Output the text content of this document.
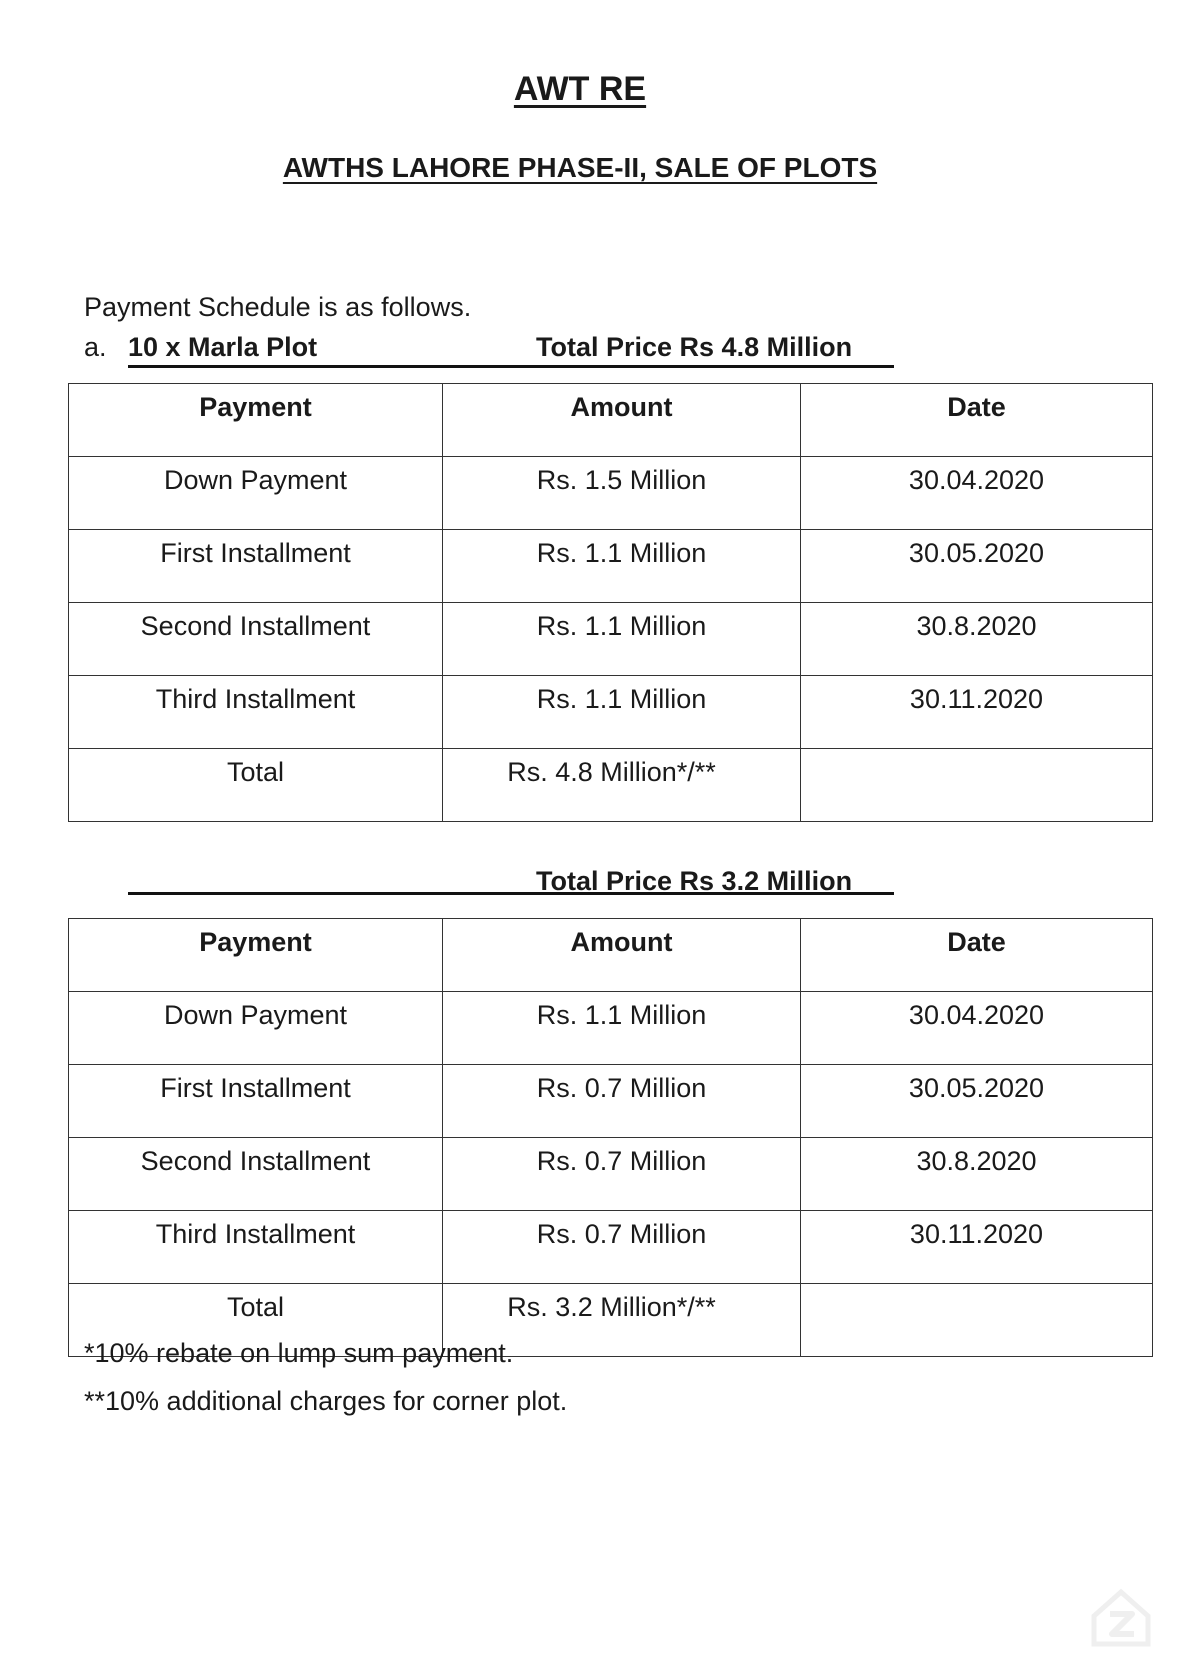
AWT RE
AWTHS LAHORE PHASE-II, SALE OF PLOTS
Payment Schedule is as follows.
a. 10 x Marla Plot	Total Price Rs 4.8 Million
Payment	Amount	Date
Down Payment	Rs. 1.5 Million	30.04.2020
First Installment	Rs. 1.1 Million	30.05.2020
Second Installment	Rs. 1.1 Million	30.8.2020
Third Installment	Rs. 1.1 Million	30.11.2020
Total	Rs. 4.8 Million*/**	
Total Price Rs 3.2 Million
Payment	Amount	Date
Down Payment	Rs. 1.1 Million	30.04.2020
First Installment	Rs. 0.7 Million	30.05.2020
Second Installment	Rs. 0.7 Million	30.8.2020
Third Installment	Rs. 0.7 Million	30.11.2020
Total	Rs. 3.2 Million*/**	
*10% rebate on lump sum payment.
**10% additional charges for corner plot.
